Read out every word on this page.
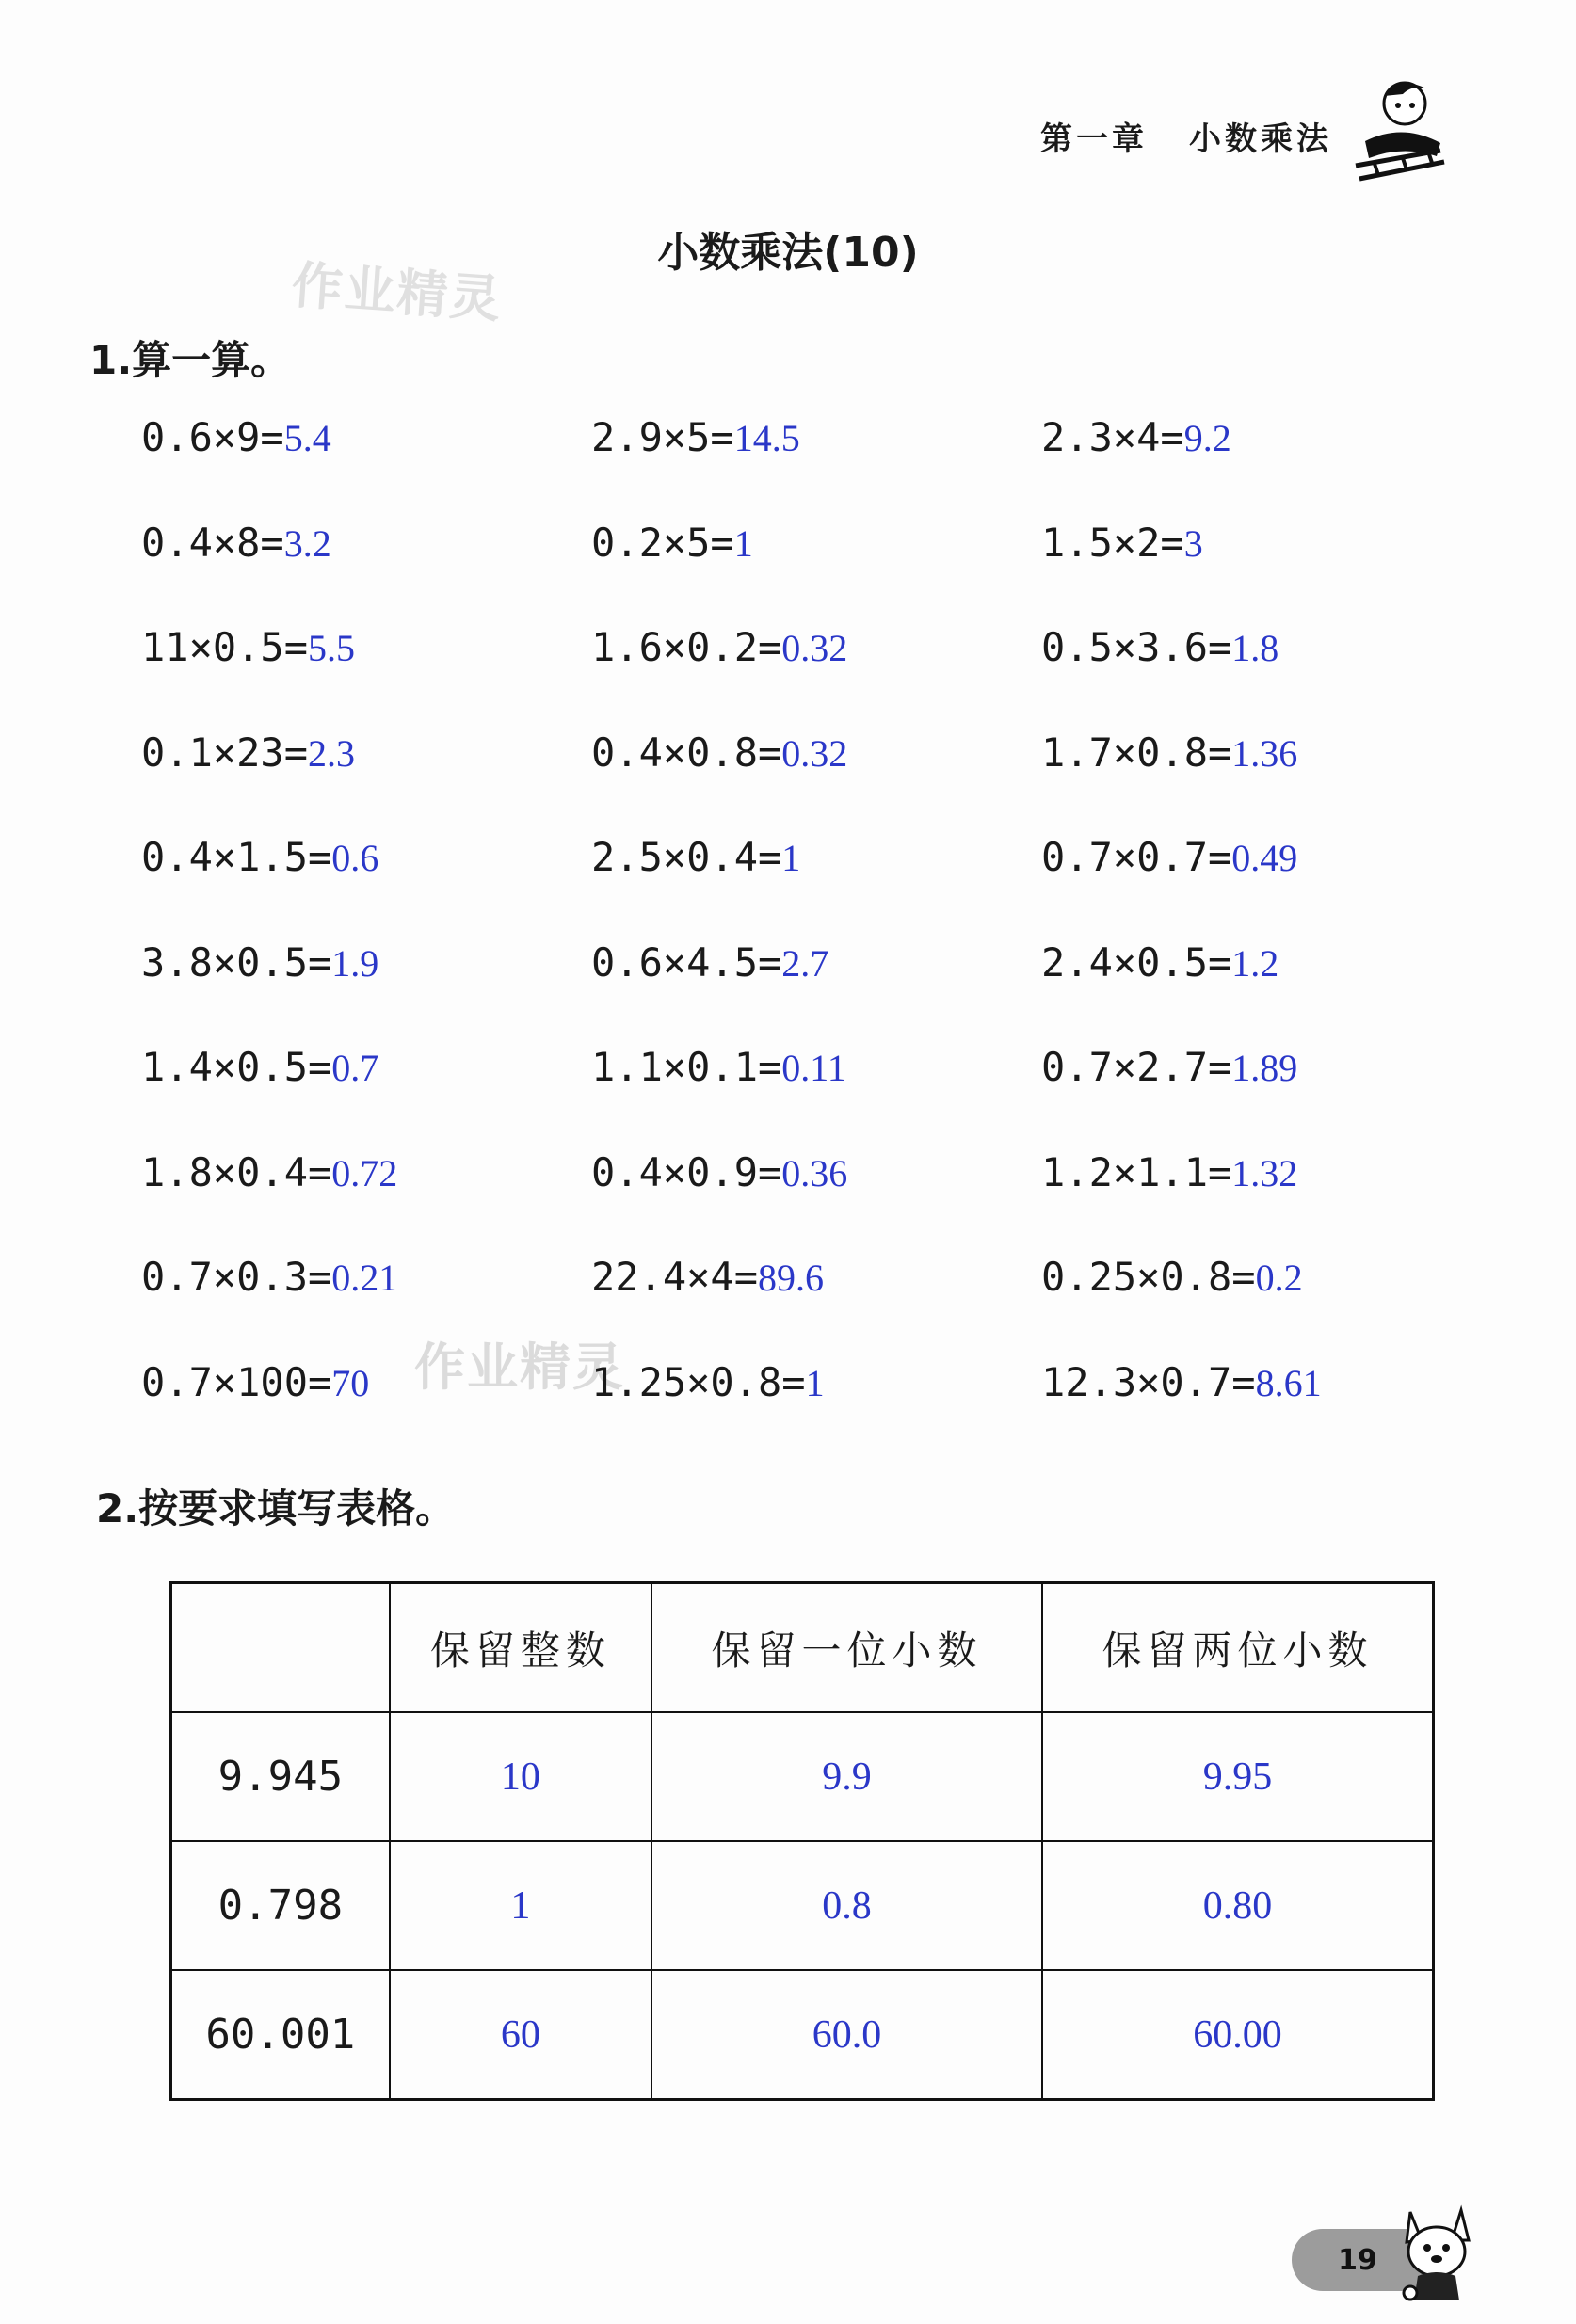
第一章 小数乘法
小数乘法(10)
作业精灵
作业精灵
1.算一算。
0.6×9=5.4	2.9×5=14.5	2.3×4=9.2
0.4×8=3.2	0.2×5=1	1.5×2=3
11×0.5=5.5	1.6×0.2=0.32	0.5×3.6=1.8
0.1×23=2.3	0.4×0.8=0.32	1.7×0.8=1.36
0.4×1.5=0.6	2.5×0.4=1	0.7×0.7=0.49
3.8×0.5=1.9	0.6×4.5=2.7	2.4×0.5=1.2
1.4×0.5=0.7	1.1×0.1=0.11	0.7×2.7=1.89
1.8×0.4=0.72	0.4×0.9=0.36	1.2×1.1=1.32
0.7×0.3=0.21	22.4×4=89.6	0.25×0.8=0.2
0.7×100=70	1.25×0.8=1	12.3×0.7=8.61
2.按要求填写表格。
	保留整数	保留一位小数	保留两位小数
9.945	10	9.9	9.95
0.798	1	0.8	0.80
60.001	60	60.0	60.00
19
